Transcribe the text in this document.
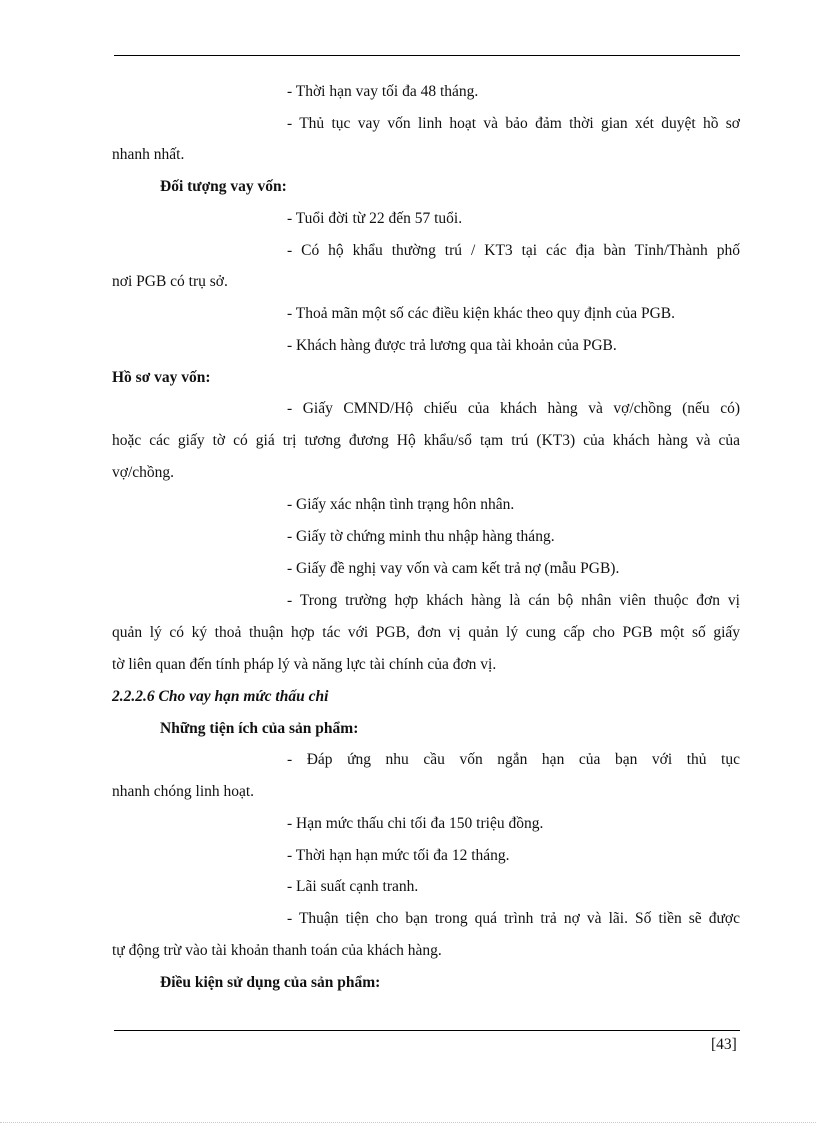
- Thời hạn vay tối đa 48 tháng.
- Thủ tục vay vốn linh hoạt và bảo đảm thời gian xét duyệt hồ sơ
nhanh nhất.
Đối tượng vay vốn:
- Tuổi đời từ 22 đến 57 tuổi.
- Có hộ khẩu thường trú / KT3 tại các địa bàn Tỉnh/Thành phố
nơi PGB có trụ sở.
- Thoả mãn một số các điều kiện khác theo quy định của PGB.
- Khách hàng được trả lương qua tài khoản của PGB.
Hồ sơ vay vốn:
- Giấy CMND/Hộ chiếu của khách hàng và vợ/chồng (nếu có)
hoặc các giấy tờ có giá trị tương đương Hộ khẩu/sổ tạm trú (KT3) của khách hàng và của
vợ/chồng.
- Giấy xác nhận tình trạng hôn nhân.
- Giấy tờ chứng minh thu nhập hàng tháng.
- Giấy đề nghị vay vốn và cam kết trả nợ (mẫu PGB).
- Trong trường hợp khách hàng là cán bộ nhân viên thuộc đơn vị
quản lý có ký thoả thuận hợp tác với PGB, đơn vị quản lý cung cấp cho PGB một số giấy
tờ liên quan đến tính pháp lý và năng lực tài chính của đơn vị.
2.2.2.6 Cho vay hạn mức thấu chi
Những tiện ích của sản phẩm:
- Đáp ứng nhu cầu vốn ngắn hạn của bạn với thủ tục
nhanh chóng linh hoạt.
- Hạn mức thấu chi tối đa 150 triệu đồng.
- Thời hạn hạn mức tối đa 12 tháng.
- Lãi suất cạnh tranh.
- Thuận tiện cho bạn trong quá trình trả nợ và lãi. Số tiền sẽ được
tự động trừ vào tài khoản thanh toán của khách hàng.
Điều kiện sử dụng của sản phẩm:
[43]
